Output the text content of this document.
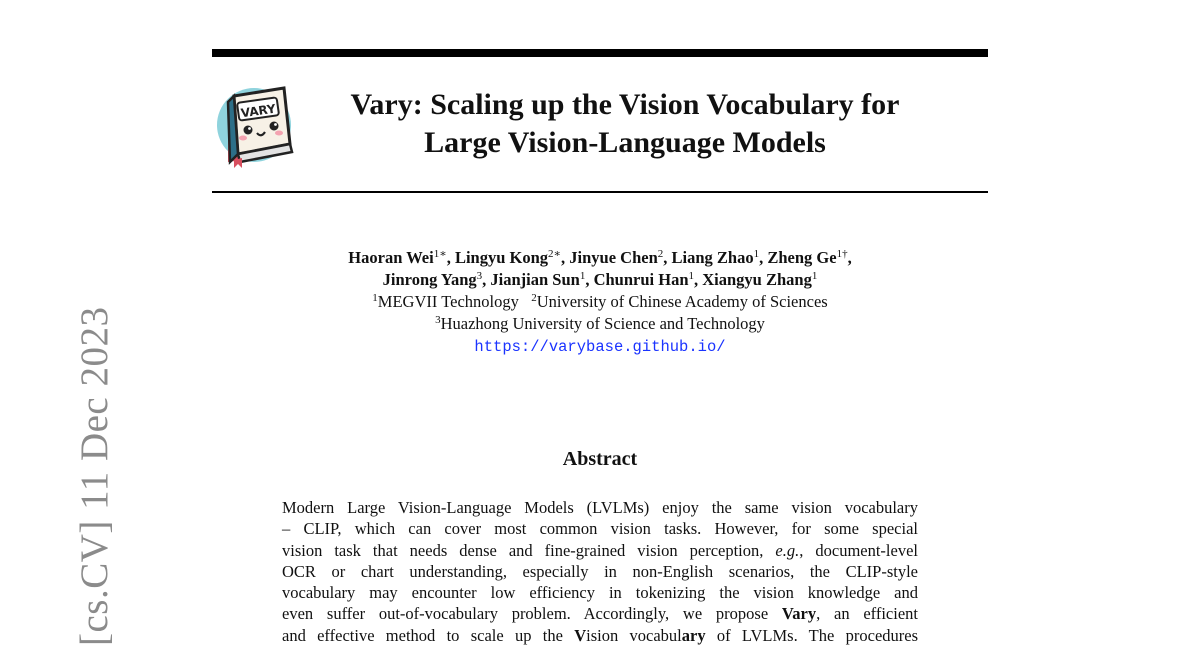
[cs.CV] 11 Dec 2023
VARY	Vary: Scaling up the Vision Vocabulary for
Large Vision-Language Models
Haoran Wei$^{1∗}$, Lingyu Kong$^{2∗}$, Jinyue Chen$^2$, Liang Zhao$^1$, Zheng $Ge^{1\dagger}$,
Jinrong Yang$^3$, Jianjian Sun$^1$, Chunrui Han$^1$, Xiangyu Zhang$^1$
$^1$MEGVII Technology $^2$University of Chinese Academy of Sciences
$^3$Huazhong University of Science and Technology
https://varybase.github.io/
Abstract
Modern Large Vision-Language Models (LVLMs) enjoy the same vision vocabulary
– CLIP, which can cover most common vision tasks. However, for some special
vision task that needs dense and fine-grained vision perception, e.g., document-level
OCR or chart understanding, especially in non-English scenarios, the CLIP-style
vocabulary may encounter low efficiency in tokenizing the vision knowledge and
even suffer out-of-vocabulary problem. Accordingly, we propose Vary, an efficient
and effective method to scale up the Vision vocabulary of LVLMs. The procedures
